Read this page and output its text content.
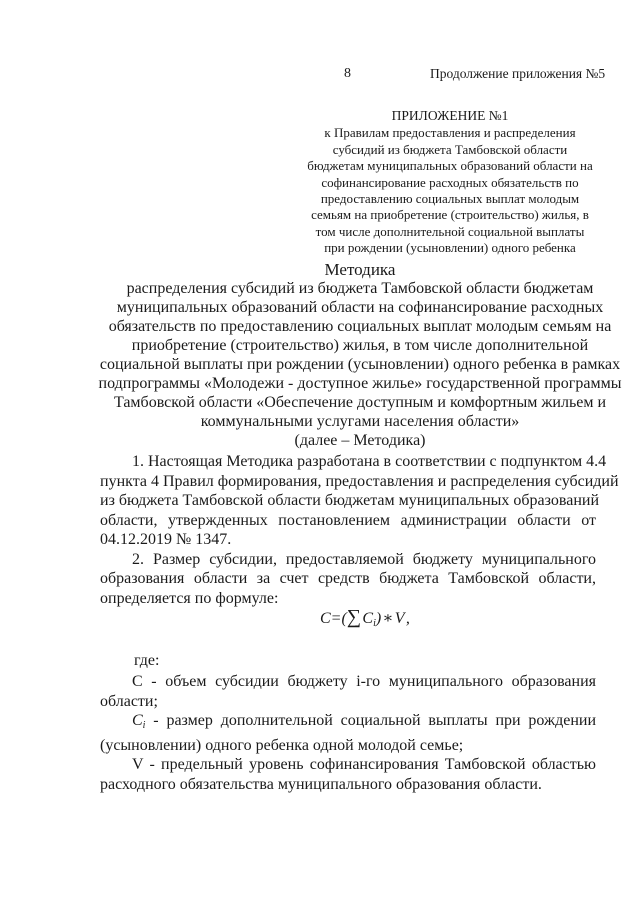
8	Продолжение приложения №5
ПРИЛОЖЕНИЕ №1
к Правилам предоставления и распределения
субсидий из бюджета Тамбовской области
бюджетам муниципальных образований области на
софинансирование расходных обязательств по
предоставлению социальных выплат молодым
семьям на приобретение (строительство) жилья, в
том числе дополнительной социальной выплаты
при рождении (усыновлении) одного ребенка
Методика
распределения субсидий из бюджета Тамбовской области бюджетам
муниципальных образований области на софинансирование расходных
обязательств по предоставлению социальных выплат молодым семьям на
приобретение (строительство) жилья, в том числе дополнительной
социальной выплаты при рождении (усыновлении) одного ребенка в рамках
подпрограммы «Молодежи - доступное жилье» государственной программы
Тамбовской области «Обеспечение доступным и комфортным жильем и
коммунальными услугами населения области»
(далее – Методика)
1. Настоящая Методика разработана в соответствии с подпунктом 4.4
пункта 4 Правил формирования, предоставления и распределения субсидий
из бюджета Тамбовской области бюджетам муниципальных образований
области, утвержденных постановлением администрации области от
04.12.2019 № 1347.
2. Размер субсидии, предоставляемой бюджету муниципального
образования области за счет средств бюджета Тамбовской области,
определяется по формуле:
C=(∑ $C_i$) ∗ V ,
где:
С - объем субсидии бюджету i-го муниципального образования
области;
Ci - размер дополнительной социальной выплаты при рождении
(усыновлении) одного ребенка одной молодой семье;
V - предельный уровень софинансирования Тамбовской областью
расходного обязательства муниципального образования области.
